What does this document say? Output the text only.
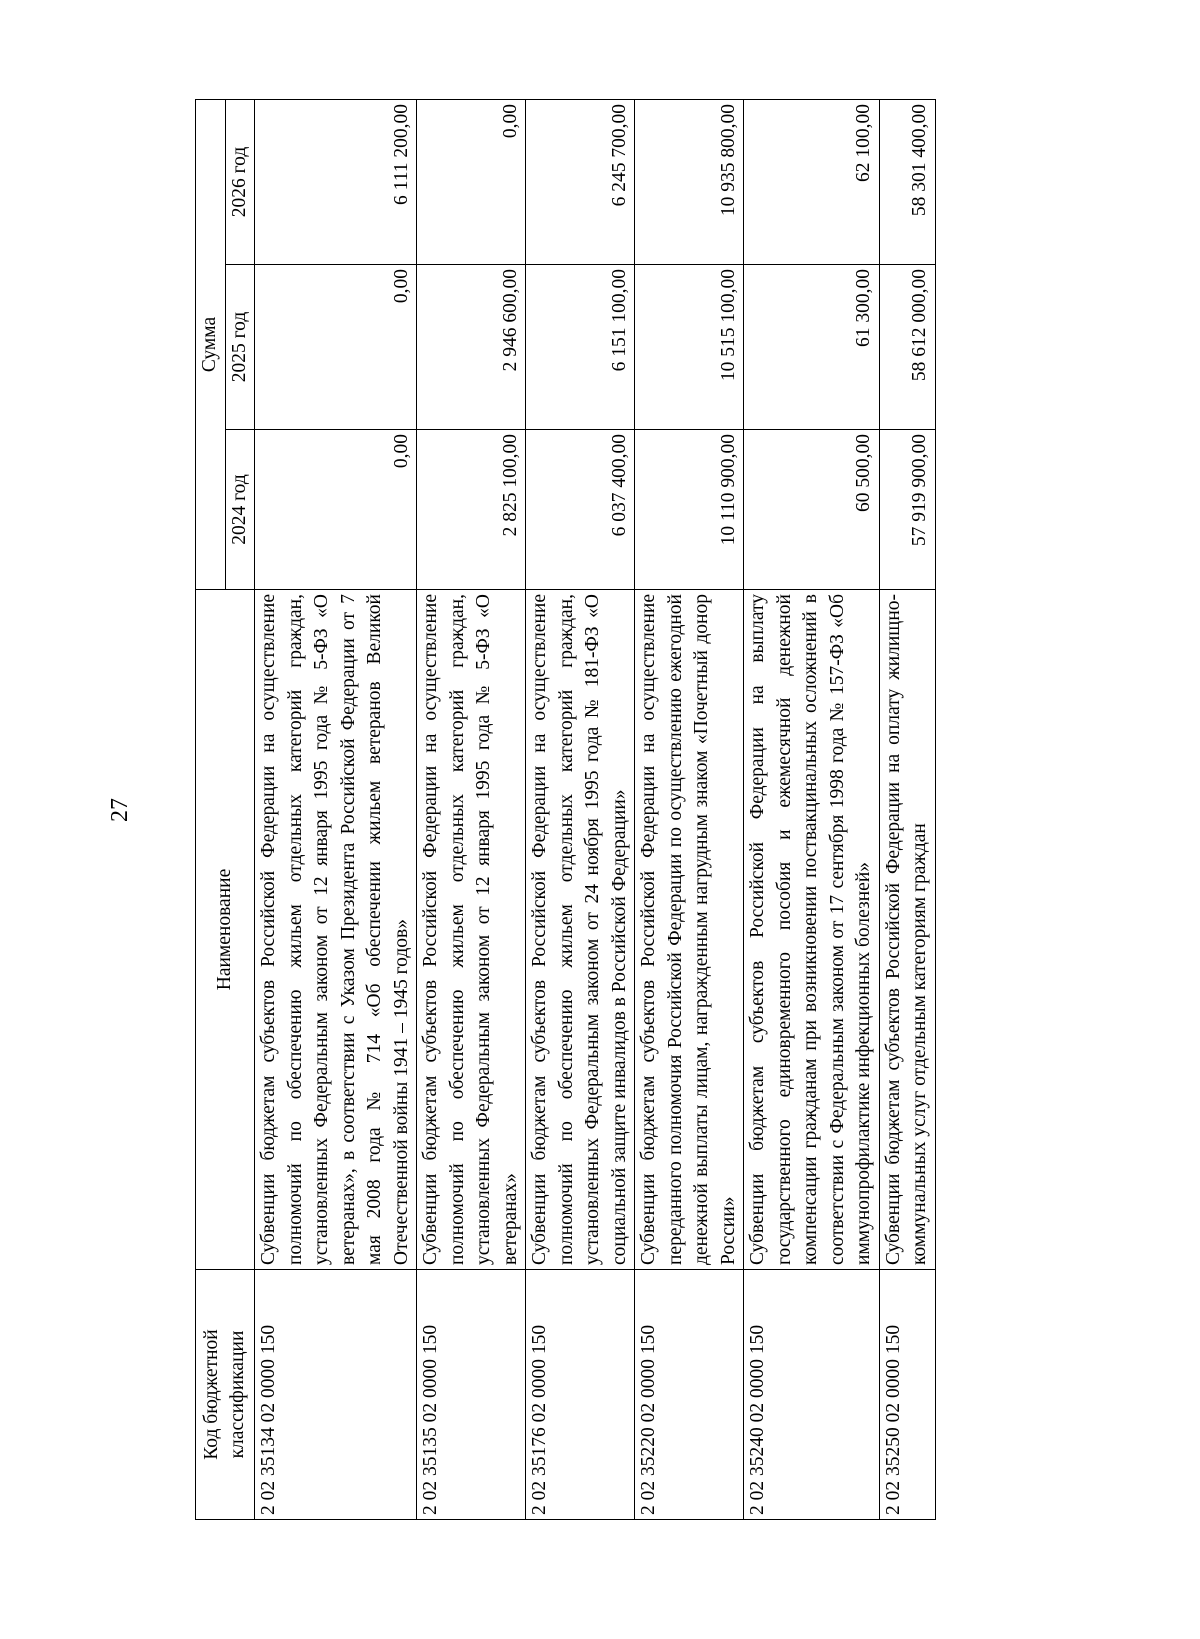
27
Код бюджетной классификации	Наименование	Сумма		
		2024 год	2025 год	2026 год
2 02 35134 02 0000 150	Субвенции бюджетам субъектов Российской Федерации на осуществление полномочий по обеспечению жильем отдельных категорий граждан, установленных Федеральным законом от 12 января 1995 года № 5-ФЗ «О ветеранах», в соответствии с Указом Президента Российской Федерации от 7 мая 2008 года № 714 «Об обеспечении жильем ветеранов Великой Отечественной войны 1941 – 1945 годов»	0,00	0,00	6 111 200,00
2 02 35135 02 0000 150	Субвенции бюджетам субъектов Российской Федерации на осуществление полномочий по обеспечению жильем отдельных категорий граждан, установленных Федеральным законом от 12 января 1995 года № 5-ФЗ «О ветеранах»	2 825 100,00	2 946 600,00	0,00
2 02 35176 02 0000 150	Субвенции бюджетам субъектов Российской Федерации на осуществление полномочий по обеспечению жильем отдельных категорий граждан, установленных Федеральным законом от 24 ноября 1995 года № 181-ФЗ «О социальной защите инвалидов в Российской Федерации»	6 037 400,00	6 151 100,00	6 245 700,00
2 02 35220 02 0000 150	Субвенции бюджетам субъектов Российской Федерации на осуществление переданного полномочия Российской Федерации по осуществлению ежегодной денежной выплаты лицам, награжденным нагрудным знаком «Почетный донор России»	10 110 900,00	10 515 100,00	10 935 800,00
2 02 35240 02 0000 150	Субвенции бюджетам субъектов Российской Федерации на выплату государственного единовременного пособия и ежемесячной денежной компенсации гражданам при возникновении поствакцинальных осложнений в соответствии с Федеральным законом от 17 сентября 1998 года № 157-ФЗ «Об иммунопрофилактике инфекционных болезней»	60 500,00	61 300,00	62 100,00
2 02 35250 02 0000 150	Субвенции бюджетам субъектов Российской Федерации на оплату жилищно-коммунальных услуг отдельным категориям граждан	57 919 900,00	58 612 000,00	58 301 400,00
